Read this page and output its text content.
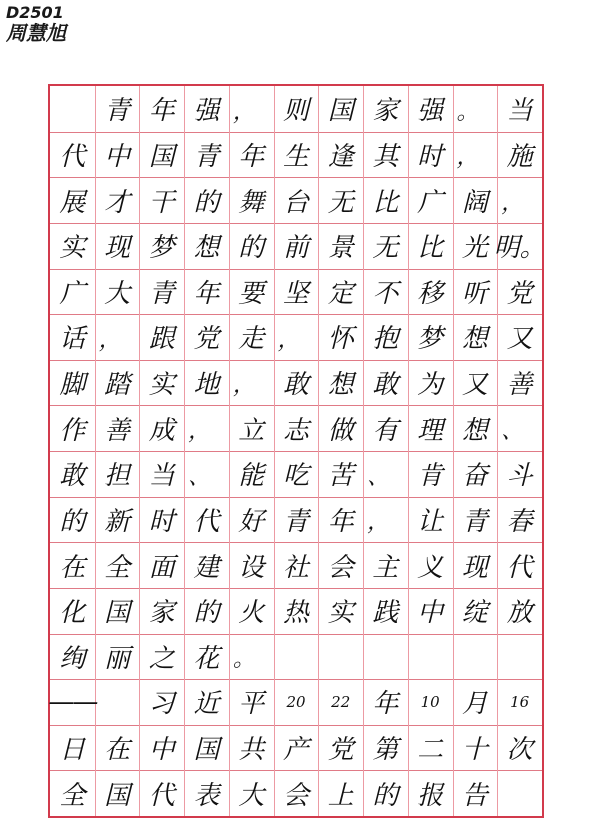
D2501
周慧旭
青 年 强 ，	则 国 家 强 。	当
代 中 国 青 年 生 逢 其 时 ，	施
展 才 干 的 舞 台 无 比 广 阔 ，
实 现 梦 想 的 前 景 无 比 光 明。
广 大 青 年 要 坚 定 不 移 听 党
话 ，	跟 党 走 ，	怀 抱 梦 想 又
脚 踏 实 地 ，	敢 想 敢 为 又 善
作 善 成 ，	立 志 做 有 理 想 、
敢 担 当 、	能 吃 苦 、	肯 奋 斗
的 新 时 代 好 青 年 ，	让 青 春
在 全 面 建 设 社 会 主 义 现 代
化 国 家 的 火 热 实 践 中 绽 放
绚 丽 之 花 。
——	习 近 平	20	22 年	10 月	16
日 在 中 国 共 产 党 第 二 十 次
全 国 代 表 大 会 上 的 报 告
